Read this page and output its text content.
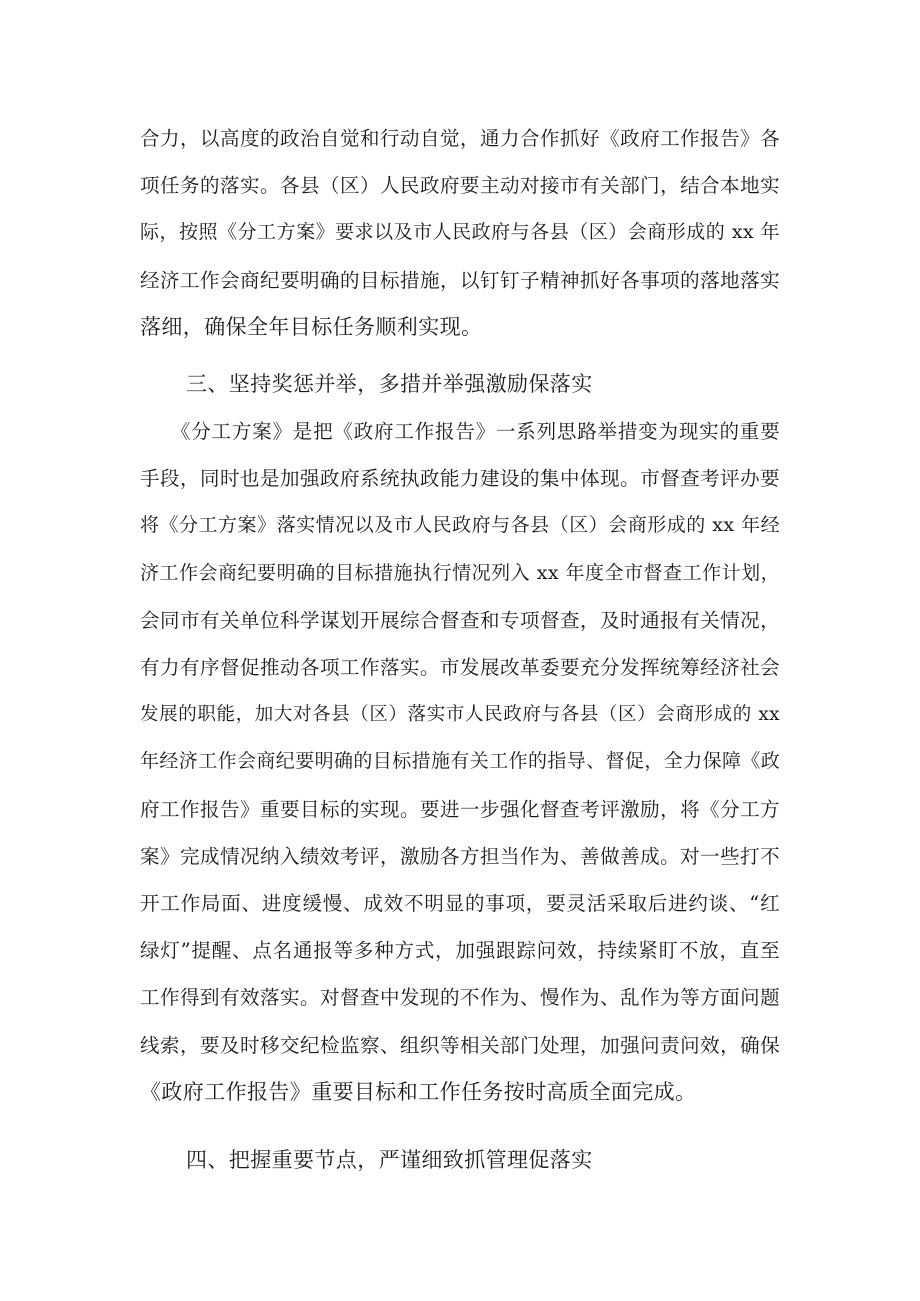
合力，以高度的政治自觉和行动自觉，通力合作抓好《政府工作报告》各
项任务的落实。各县（区）人民政府要主动对接市有关部门，结合本地实
际，按照《分工方案》要求以及市人民政府与各县（区）会商形成的 xx 年
经济工作会商纪要明确的目标措施，以钉钉子精神抓好各事项的落地落实
落细，确保全年目标任务顺利实现。
三、坚持奖惩并举，多措并举强激励保落实
　　《分工方案》是把《政府工作报告》一系列思路举措变为现实的重要
手段，同时也是加强政府系统执政能力建设的集中体现。市督查考评办要
将《分工方案》落实情况以及市人民政府与各县（区）会商形成的 xx 年经
济工作会商纪要明确的目标措施执行情况列入 xx 年度全市督查工作计划，
会同市有关单位科学谋划开展综合督查和专项督查，及时通报有关情况，
有力有序督促推动各项工作落实。市发展改革委要充分发挥统筹经济社会
发展的职能，加大对各县（区）落实市人民政府与各县（区）会商形成的 xx
年经济工作会商纪要明确的目标措施有关工作的指导、督促，全力保障《政
府工作报告》重要目标的实现。要进一步强化督查考评激励，将《分工方
案》完成情况纳入绩效考评，激励各方担当作为、善做善成。对一些打不
开工作局面、进度缓慢、成效不明显的事项，要灵活采取后进约谈、“红
绿灯”提醒、点名通报等多种方式，加强跟踪问效，持续紧盯不放，直至
工作得到有效落实。对督查中发现的不作为、慢作为、乱作为等方面问题
线索，要及时移交纪检监察、组织等相关部门处理，加强问责问效，确保
《政府工作报告》重要目标和工作任务按时高质全面完成。
四、把握重要节点，严谨细致抓管理促落实
